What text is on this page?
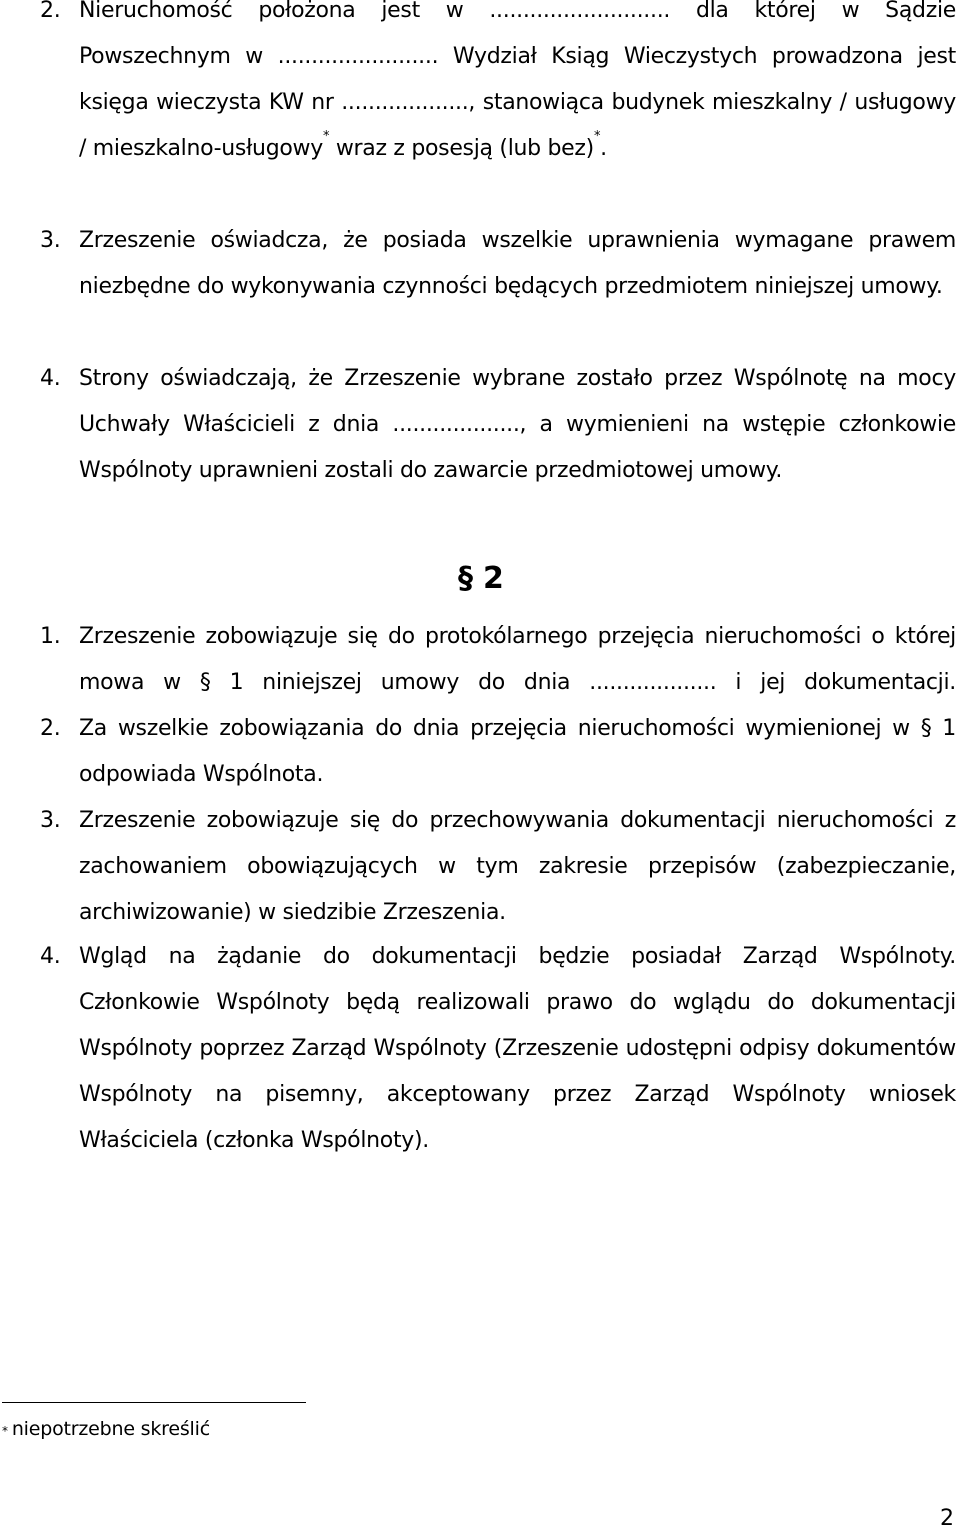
2. Nieruchomość położona jest w ........................... dla której w Sądzie Powszechnym w ........................ Wydział Ksiąg Wieczystych prowadzona jest księga wieczysta KW nr ..................., stanowiąca budynek mieszkalny / usługowy / mieszkalno-usługowy* wraz z posesją (lub bez)*.
3. Zrzeszenie oświadcza, że posiada wszelkie uprawnienia wymagane prawem niezbędne do wykonywania czynności będących przedmiotem niniejszej umowy.
4. Strony oświadczają, że Zrzeszenie wybrane zostało przez Wspólnotę na mocy Uchwały Właścicieli z dnia ..................., a wymienieni na wstępie członkowie Wspólnoty uprawnieni zostali do zawarcie przedmiotowej umowy.
§ 2
1. Zrzeszenie zobowiązuje się do protokólarnego przejęcia nieruchomości o której mowa w § 1 niniejszej umowy do dnia ................... i jej dokumentacji.
2. Za wszelkie zobowiązania do dnia przejęcia nieruchomości wymienionej w § 1 odpowiada Wspólnota.
3. Zrzeszenie zobowiązuje się do przechowywania dokumentacji nieruchomości z zachowaniem obowiązujących w tym zakresie przepisów (zabezpieczanie, archiwizowanie) w siedzibie Zrzeszenia.
4. Wgląd na żądanie do dokumentacji będzie posiadał Zarząd Wspólnoty. Członkowie Wspólnoty będą realizowali prawo do wglądu do dokumentacji Wspólnoty poprzez Zarząd Wspólnoty (Zrzeszenie udostępni odpisy dokumentów Wspólnoty na pisemny, akceptowany przez Zarząd Wspólnoty wniosek Właściciela (członka Wspólnoty).
* niepotrzebne skreślić
2
